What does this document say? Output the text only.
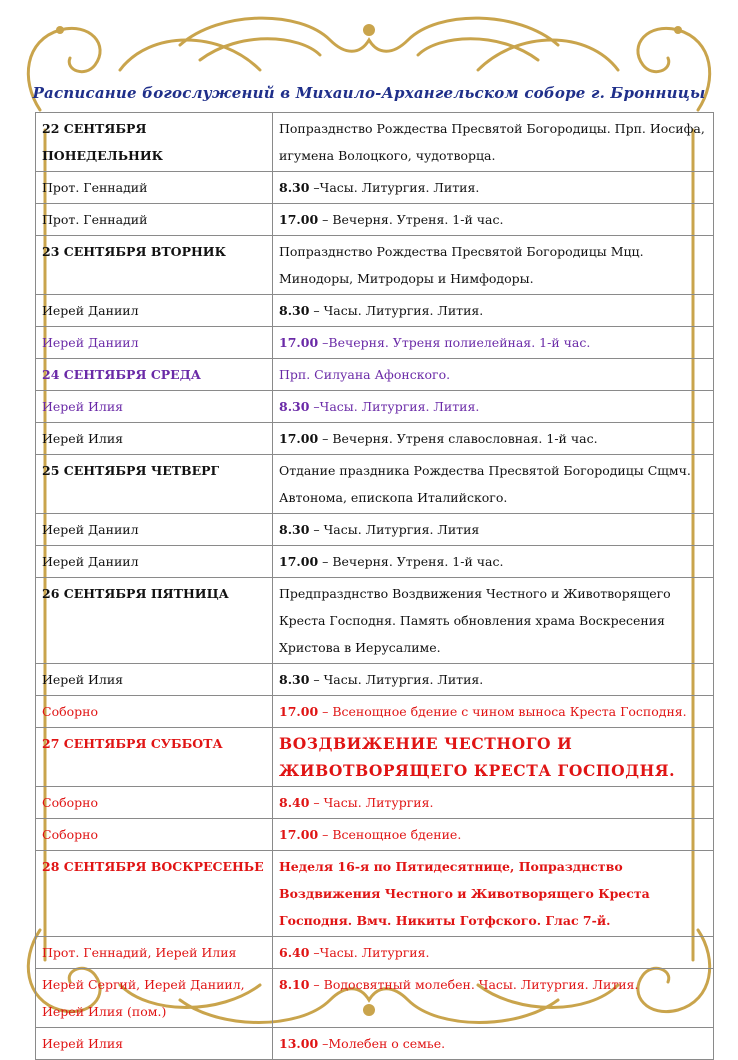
Расписание богослужений в Михаило-Архангельском соборе г. Бронницы
22 СЕНТЯБРЯ ПОНЕДЕЛЬНИК	Попразднство Рождества Пресвятой Богородицы. Прп. Иосифа, игумена Волоцкого, чудотворца.
Прот. Геннадий	8.30 –Часы. Литургия. Лития.
Прот. Геннадий	17.00 – Вечерня. Утреня. 1-й час.
23 СЕНТЯБРЯ ВТОРНИК	Попразднство Рождества Пресвятой Богородицы Мцц. Минодоры, Митродоры и Нимфодоры.
Иерей Даниил	8.30 – Часы. Литургия. Лития.
Иерей Даниил	17.00 –Вечерня. Утреня полиелейная. 1-й час.
24 СЕНТЯБРЯ СРЕДА	Прп. Силуана Афонского.
Иерей Илия	8.30 –Часы. Литургия. Лития.
Иерей Илия	17.00 – Вечерня. Утреня славословная. 1-й час.
25 СЕНТЯБРЯ ЧЕТВЕРГ	Отдание праздника Рождества Пресвятой Богородицы Сщмч. Автонома, епископа Италийского.
Иерей Даниил	8.30 – Часы. Литургия. Лития
Иерей Даниил	17.00 – Вечерня. Утреня. 1-й час.
26 СЕНТЯБРЯ ПЯТНИЦА	Предпразднство Воздвижения Честного и Животворящего Креста Господня. Память обновления храма Воскресения Христова в Иерусалиме.
Иерей Илия	8.30 – Часы. Литургия. Лития.
Соборно	17.00 – Всенощное бдение с чином выноса Креста Господня.
27 СЕНТЯБРЯ СУББОТА	ВОЗДВИЖЕНИЕ ЧЕСТНОГО И ЖИВОТВОРЯЩЕГО КРЕСТА ГОСПОДНЯ.
Соборно	8.40 – Часы. Литургия.
Соборно	17.00 – Всенощное бдение.
28 СЕНТЯБРЯ ВОСКРЕСЕНЬЕ	Неделя 16-я по Пятидесятнице, Попразднство Воздвижения Честного и Животворящего Креста Господня. Вмч. Никиты Готфского. Глас 7-й.
Прот. Геннадий, Иерей Илия	6.40 –Часы. Литургия.
Иерей Сергий, Иерей Даниил, Иерей Илия (пом.)	8.10 – Водосвятный молебен. Часы. Литургия. Лития.
Иерей Илия	13.00 –Молебен о семье.
